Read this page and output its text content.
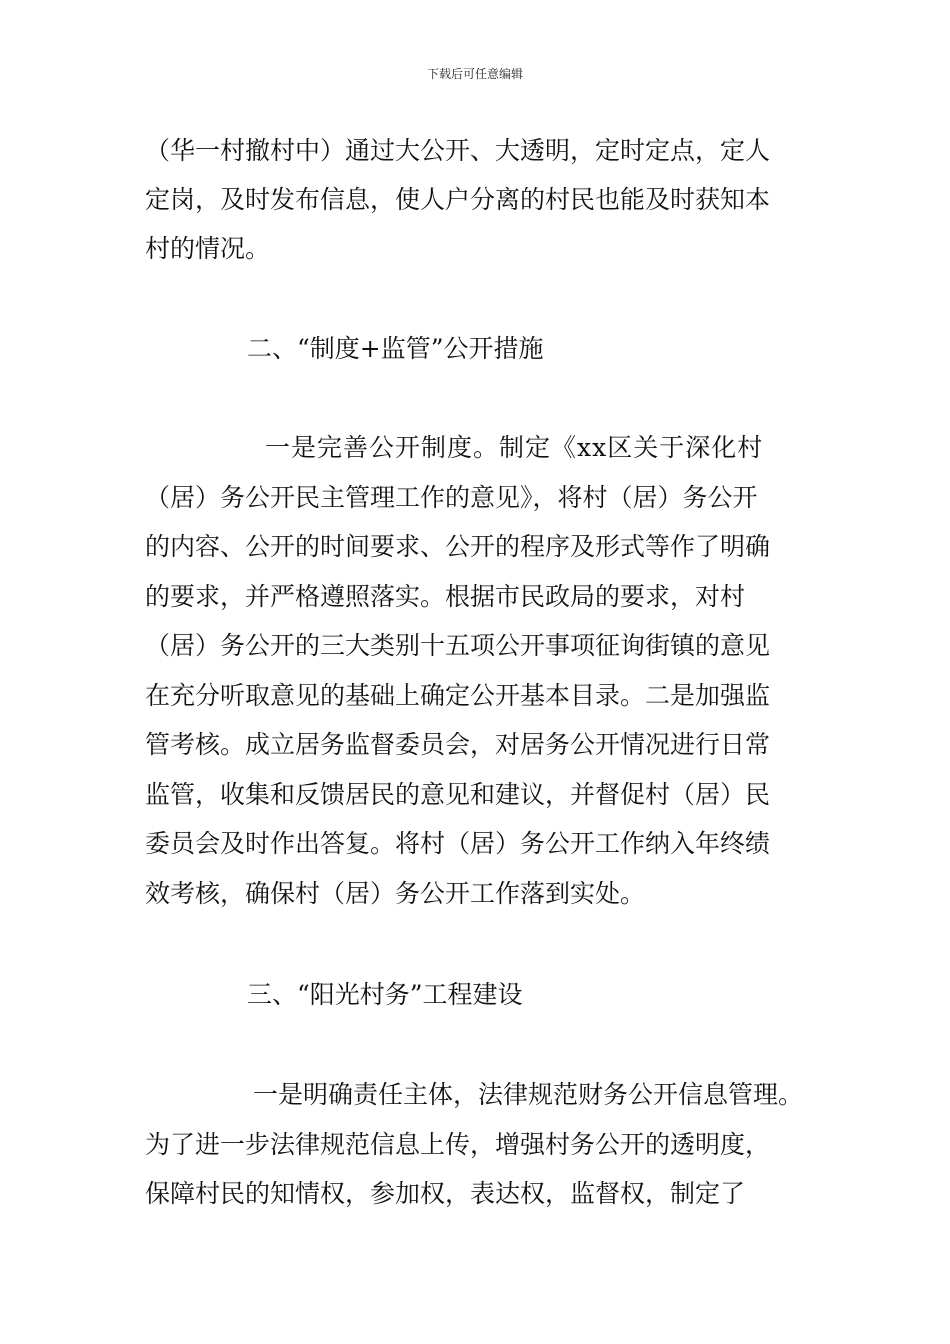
下载后可任意编辑
（华一村撤村中）通过大公开、大透明，定时定点，定人
定岗，及时发布信息，使人户分离的村民也能及时获知本
村的情况。
二、“制度+监管”公开措施
一是完善公开制度。制定《xx区关于深化村
（居）务公开民主管理工作的意见》，将村（居）务公开
的内容、公开的时间要求、公开的程序及形式等作了明确
的要求，并严格遵照落实。根据市民政局的要求，对村
（居）务公开的三大类别十五项公开事项征询街镇的意见
在充分听取意见的基础上确定公开基本目录。二是加强监
管考核。成立居务监督委员会，对居务公开情况进行日常
监管，收集和反馈居民的意见和建议，并督促村（居）民
委员会及时作出答复。将村（居）务公开工作纳入年终绩
效考核，确保村（居）务公开工作落到实处。
三、“阳光村务”工程建设
一是明确责任主体，法律规范财务公开信息管理。
为了进一步法律规范信息上传，增强村务公开的透明度，
保障村民的知情权，参加权，表达权，监督权，制定了
